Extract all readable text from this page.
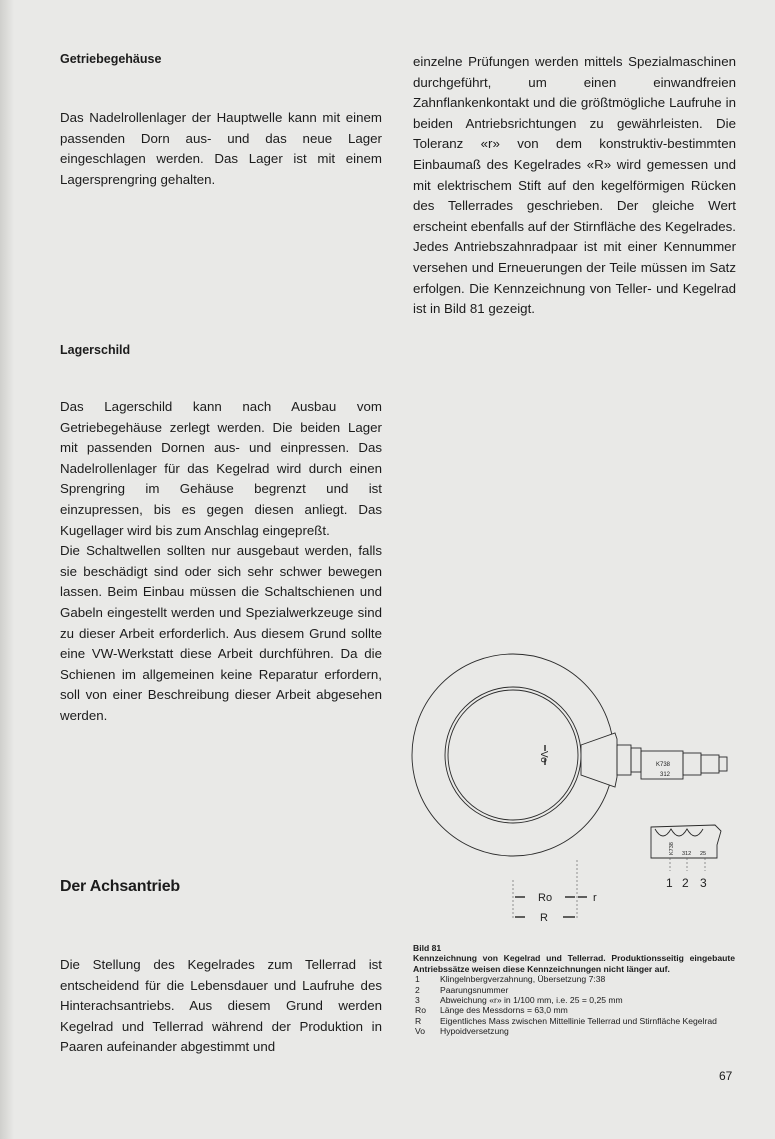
Getriebegehäuse

Das Nadelrollenlager der Hauptwelle kann mit einem passenden Dorn aus- und das neue Lager eingeschlagen werden. Das Lager ist mit einem Lagersprengring gehalten.

Lagerschild

Das Lagerschild kann nach Ausbau vom Getriebegehäuse zerlegt werden. Die beiden Lager mit passenden Dornen aus- und einpressen. Das Nadelrollenlager für das Kegelrad wird durch einen Sprengring im Gehäuse begrenzt und ist einzupressen, bis es gegen diesen anliegt. Das Kugellager wird bis zum Anschlag eingepreßt.

Die Schaltwellen sollten nur ausgebaut werden, falls sie beschädigt sind oder sich sehr schwer bewegen lassen. Beim Einbau müssen die Schaltschienen und Gabeln eingestellt werden und Spezialwerkzeuge sind zu dieser Arbeit erforderlich. Aus diesem Grund sollte eine VW-Werkstatt diese Arbeit durchführen. Da die Schienen im allgemeinen keine Reparatur erfordern, soll von einer Beschreibung dieser Arbeit abgesehen werden.

Der Achsantrieb

Die Stellung des Kegelrades zum Tellerrad ist entscheidend für die Lebensdauer und Laufruhe des Hinterachsantriebs. Aus diesem Grund werden Kegelrad und Tellerrad während der Produktion in Paaren aufeinander abgestimmt und

einzelne Prüfungen werden mittels Spezialmaschinen durchgeführt, um einen einwandfreien Zahnflankenkontakt und die größtmögliche Laufruhe in beiden Antriebsrichtungen zu gewährleisten. Die Toleranz «r» von dem konstruktiv-bestimmten Einbaumaß des Kegelrades «R» wird gemessen und mit elektrischem Stift auf den kegelförmigen Rücken des Tellerrades geschrieben. Der gleiche Wert erscheint ebenfalls auf der Stirnfläche des Kegelrades. Jedes Antriebszahnradpaar ist mit einer Kennummer versehen und Erneuerungen der Teile müssen im Satz erfolgen. Die Kennzeichnung von Teller- und Kegelrad ist in Bild 81 gezeigt.

Vo
K738
312
K738 312 25
1 2 3
Ro	r
R
Bild 81
Kennzeichnung von Kegelrad und Tellerrad. Produktionsseitig eingebaute Antriebssätze weisen diese Kennzeichnungen nicht länger auf.
1	Klingelnbergverzahnung, Übersetzung 7:38
2	Paarungsnummer
3	Abweichung «r» in 1/100 mm, i.e. 25 = 0,25 mm
Ro	Länge des Messdorns = 63,0 mm
R	Eigentliches Mass zwischen Mittellinie Tellerrad und Stirnfläche Kegelrad
Vo	Hypoidversetzung
67
